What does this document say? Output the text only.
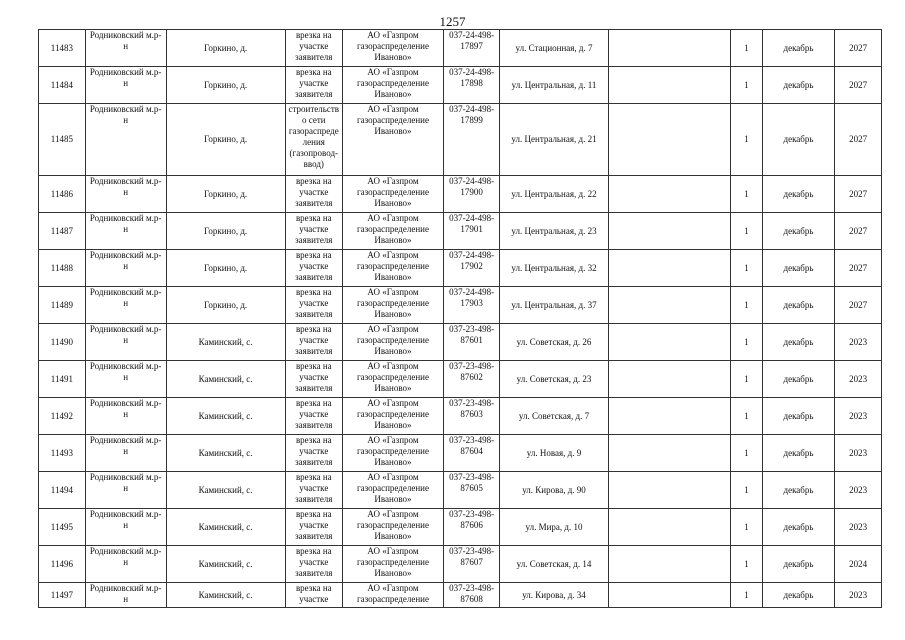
1257
11483	Родниковский м.р-н	Горкино, д.	врезка на участке заявителя	АО «Газпром газораспределение Иваново»	037-24-498-17897	ул. Стационная, д. 7		1	декабрь	2027
11484	Родниковский м.р-н	Горкино, д.	врезка на участке заявителя	АО «Газпром газораспределение Иваново»	037-24-498-17898	ул. Центральная, д. 11		1	декабрь	2027
11485	Родниковский м.р-н	Горкино, д.	строительств о сети газораспреде ления (газопровод-ввод)	АО «Газпром газораспределение Иваново»	037-24-498-17899	ул. Центральная, д. 21		1	декабрь	2027
11486	Родниковский м.р-н	Горкино, д.	врезка на участке заявителя	АО «Газпром газораспределение Иваново»	037-24-498-17900	ул. Центральная, д. 22		1	декабрь	2027
11487	Родниковский м.р-н	Горкино, д.	врезка на участке заявителя	АО «Газпром газораспределение Иваново»	037-24-498-17901	ул. Центральная, д. 23		1	декабрь	2027
11488	Родниковский м.р-н	Горкино, д.	врезка на участке заявителя	АО «Газпром газораспределение Иваново»	037-24-498-17902	ул. Центральная, д. 32		1	декабрь	2027
11489	Родниковский м.р-н	Горкино, д.	врезка на участке заявителя	АО «Газпром газораспределение Иваново»	037-24-498-17903	ул. Центральная, д. 37		1	декабрь	2027
11490	Родниковский м.р-н	Каминский, с.	врезка на участке заявителя	АО «Газпром газораспределение Иваново»	037-23-498-87601	ул. Советская, д. 26		1	декабрь	2023
11491	Родниковский м.р-н	Каминский, с.	врезка на участке заявителя	АО «Газпром газораспределение Иваново»	037-23-498-87602	ул. Советская, д. 23		1	декабрь	2023
11492	Родниковский м.р-н	Каминский, с.	врезка на участке заявителя	АО «Газпром газораспределение Иваново»	037-23-498-87603	ул. Советская, д. 7		1	декабрь	2023
11493	Родниковский м.р-н	Каминский, с.	врезка на участке заявителя	АО «Газпром газораспределение Иваново»	037-23-498-87604	ул. Новая, д. 9		1	декабрь	2023
11494	Родниковский м.р-н	Каминский, с.	врезка на участке заявителя	АО «Газпром газораспределение Иваново»	037-23-498-87605	ул. Кирова, д. 90		1	декабрь	2023
11495	Родниковский м.р-н	Каминский, с.	врезка на участке заявителя	АО «Газпром газораспределение Иваново»	037-23-498-87606	ул. Мира, д. 10		1	декабрь	2023
11496	Родниковский м.р-н	Каминский, с.	врезка на участке заявителя	АО «Газпром газораспределение Иваново»	037-23-498-87607	ул. Советская, д. 14		1	декабрь	2024
11497	Родниковский м.р-н	Каминский, с.	врезка на участке	АО «Газпром газораспределение	037-23-498-87608	ул. Кирова, д. 34		1	декабрь	2023
